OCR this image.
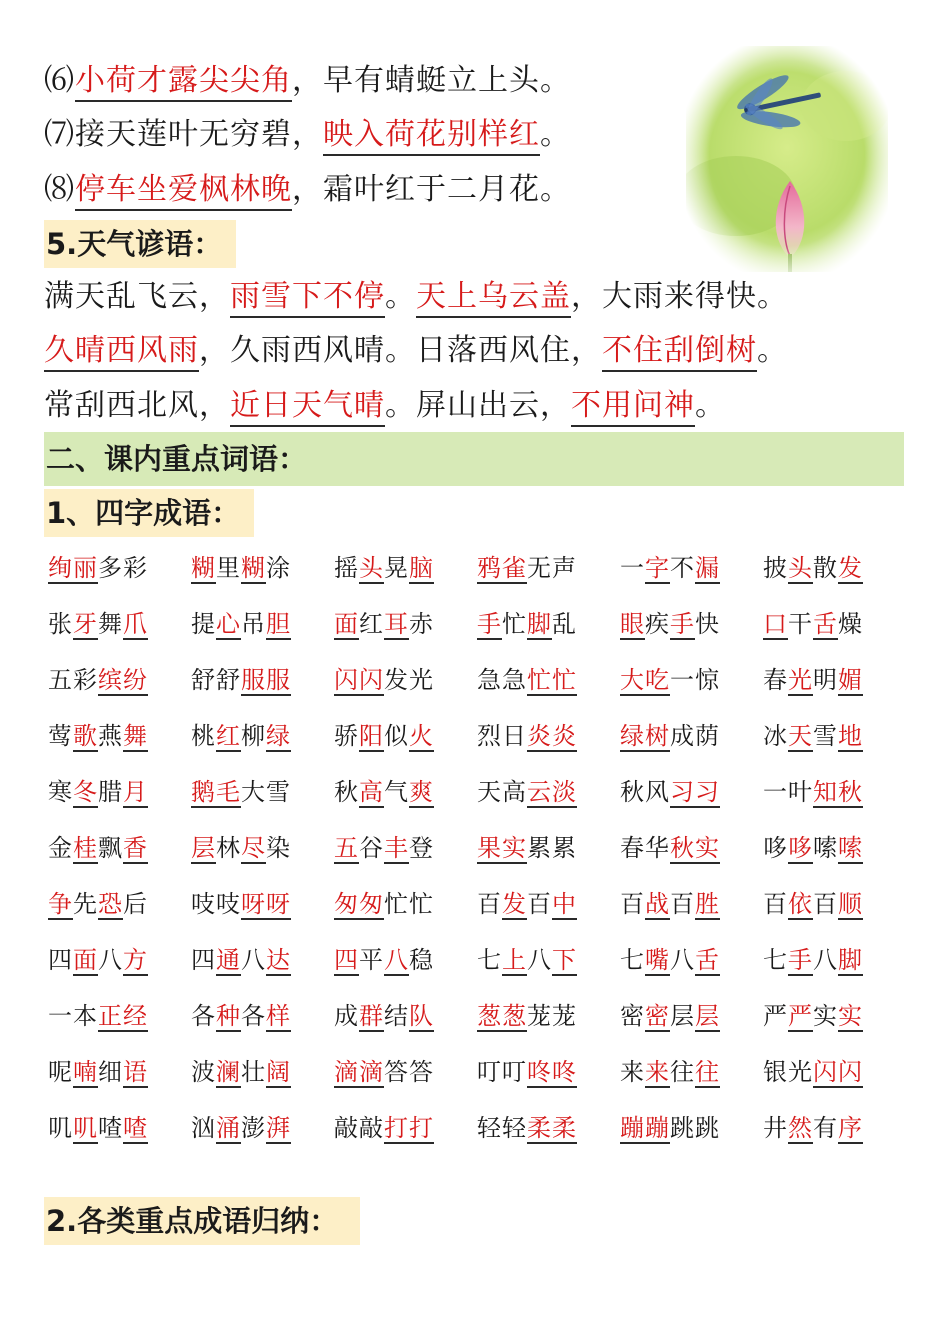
⑹小荷才露尖尖角，早有蜻蜓立上头。
⑺接天莲叶无穷碧，映入荷花别样红。
⑻停车坐爱枫林晚，霜叶红于二月花。
5.天气谚语：
满天乱飞云，雨雪下不停。天上乌云盖，大雨来得快。
久晴西风雨，久雨西风晴。日落西风住，不住刮倒树。
常刮西北风，近日天气晴。屏山出云，不用问神。
二、课内重点词语：
1、四字成语：
绚丽多彩	糊里糊涂	摇头晃脑	鸦雀无声	一字不漏	披头散发
张牙舞爪	提心吊胆	面红耳赤	手忙脚乱	眼疾手快	口干舌燥
五彩缤纷	舒舒服服	闪闪发光	急急忙忙	大吃一惊	春光明媚
莺歌燕舞	桃红柳绿	骄阳似火	烈日炎炎	绿树成荫	冰天雪地
寒冬腊月	鹅毛大雪	秋高气爽	天高云淡	秋风习习	一叶知秋
金桂飘香	层林尽染	五谷丰登	果实累累	春华秋实	哆哆嗦嗦
争先恐后	吱吱呀呀	匆匆忙忙	百发百中	百战百胜	百依百顺
四面八方	四通八达	四平八稳	七上八下	七嘴八舌	七手八脚
一本正经	各种各样	成群结队	葱葱茏茏	密密层层	严严实实
呢喃细语	波澜壮阔	滴滴答答	叮叮咚咚	来来往往	银光闪闪
叽叽喳喳	汹涌澎湃	敲敲打打	轻轻柔柔	蹦蹦跳跳	井然有序
2.各类重点成语归纳：
